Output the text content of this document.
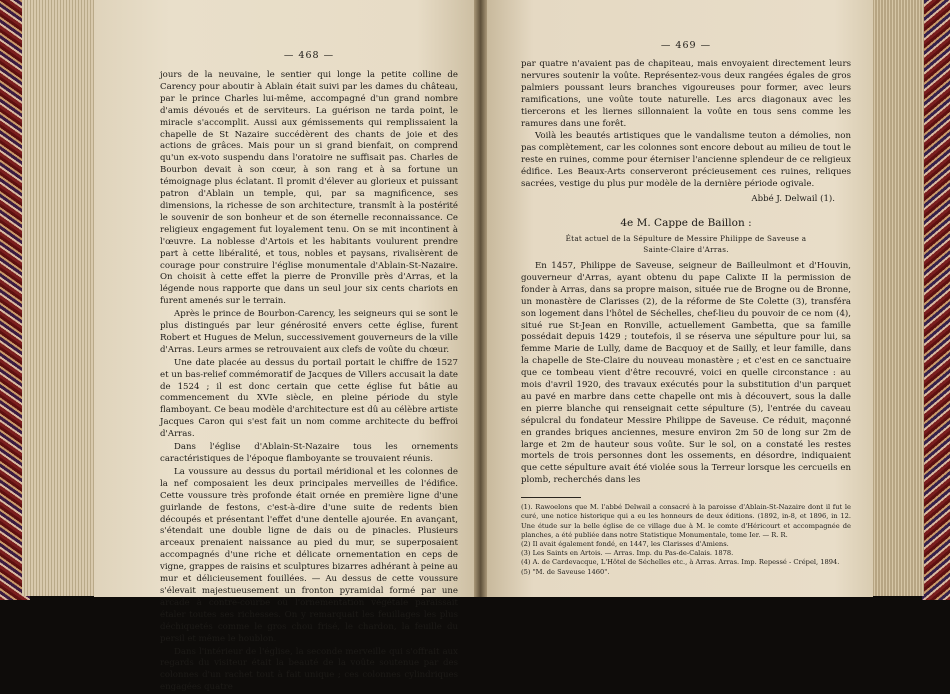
— 468 —

jours de la neuvaine, le sentier qui longe la petite colline de Carency pour aboutir à Ablain était suivi par les dames du château, par le prince Charles lui-même, accompagné d'un grand nombre d'amis dévoués et de serviteurs. La guérison ne tarda point, le miracle s'accomplit. Aussi aux gémissements qui remplissaient la chapelle de St Nazaire succédèrent des chants de joie et des actions de grâces. Mais pour un si grand bienfait, on comprend qu'un ex-voto suspendu dans l'oratoire ne suffisait pas. Charles de Bourbon devait à son cœur, à son rang et à sa fortune un témoignage plus éclatant. Il promit d'élever au glorieux et puissant patron d'Ablain un temple, qui, par sa magnificence, ses dimensions, la richesse de son architecture, transmît à la postérité le souvenir de son bonheur et de son éternelle reconnaissance. Ce religieux engagement fut loyalement tenu. On se mit incontinent à l'œuvre. La noblesse d'Artois et les habitants voulurent prendre part à cette libéralité, et tous, nobles et paysans, rivalisèrent de courage pour construire l'église monumentale d'Ablain-St-Nazaire. On choisit à cette effet la pierre de Pronville près d'Arras, et la légende nous rapporte que dans un seul jour six cents chariots en furent amenés sur le terrain.

Après le prince de Bourbon-Carency, les seigneurs qui se sont le plus distingués par leur générosité envers cette église, furent Robert et Hugues de Melun, successivement gouverneurs de la ville d'Arras. Leurs armes se retrouvaient aux clefs de voûte du chœur.

Une date placée au dessus du portail portait le chiffre de 1527 et un bas-relief commémoratif de Jacques de Villers accusait la date de 1524 ; il est donc certain que cette église fut bâtie au commencement du XVIe siècle, en pleine période du style flamboyant. Ce beau modèle d'architecture est dû au célèbre artiste Jacques Caron qui s'est fait un nom comme architecte du beffroi d'Arras.

Dans l'église d'Ablain-St-Nazaire tous les ornements caractéristiques de l'époque flamboyante se trouvaient réunis.

La voussure au dessus du portail méridional et les colonnes de la nef composaient les deux principales merveilles de l'édifice. Cette voussure très profonde était ornée en première ligne d'une guirlande de festons, c'est-à-dire d'une suite de redents bien découpés et présentant l'effet d'une dentelle ajourée. En avançant, s'étendait une double ligne de dais ou de pinacles. Plusieurs arceaux prenaient naissance au pied du mur, se superposaient accompagnés d'une riche et délicate ornementation en ceps de vigne, grappes de raisins et sculptures bizarres adhérant à peine au mur et délicieusement fouillées. — Au dessus de cette voussure s'élevait majestueusement un fronton pyramidal formé par une arcade à contre-courbe où l'ornementation végétale paraissait étaler toutes ses richesses. On y remarquait les feuillages les plus déchiquetés comme le gros chou frisé, le chardon, la feuille du persil et même le houblon.

Dans l'intérieur de l'église, la seconde merveille qui s'offrait aux regards du visiteur était la beauté de la voûte soutenue par des colonnes d'un rachet tout à fait unique ; ces colonnes cylindriques engagées quatre

— 469 —

par quatre n'avaient pas de chapiteau, mais envoyaient directement leurs nervures soutenir la voûte. Représentez-vous deux rangées égales de gros palmiers poussant leurs branches vigoureuses pour former, avec leurs ramifications, une voûte toute naturelle. Les arcs diagonaux avec les tiercerons et les liernes sillonnaient la voûte en tous sens comme les ramures dans une forêt.

Voilà les beautés artistiques que le vandalisme teuton a démolies, non pas complètement, car les colonnes sont encore debout au milieu de tout le reste en ruines, comme pour éterniser l'ancienne splendeur de ce religieux édifice. Les Beaux-Arts conserveront précieusement ces ruines, reliques sacrées, vestige du plus pur modèle de la dernière période ogivale.

Abbé J. Delwail (1).
4e M. Cappe de Baillon :
État actuel de la Sépulture de Messire Philippe de Saveuse a
Sainte-Claire d'Arras.

En 1457, Philippe de Saveuse, seigneur de Bailleulmont et d'Houvin, gouverneur d'Arras, ayant obtenu du pape Calixte II la permission de fonder à Arras, dans sa propre maison, située rue de Brogne ou de Bronne, un monastère de Clarisses (2), de la réforme de Ste Colette (3), transféra son logement dans l'hôtel de Séchelles, chef-lieu du pouvoir de ce nom (4), situé rue St-Jean en Ronville, actuellement Gambetta, que sa famille possédait depuis 1429 ; toutefois, il se réserva une sépulture pour lui, sa femme Marie de Lully, dame de Bacquoy et de Sailly, et leur famille, dans la chapelle de Ste-Claire du nouveau monastère ; et c'est en ce sanctuaire que ce tombeau vient d'être recouvré, voici en quelle circonstance : au mois d'avril 1920, des travaux exécutés pour la substitution d'un parquet au pavé en marbre dans cette chapelle ont mis à découvert, sous la dalle en pierre blanche qui renseignait cette sépulture (5), l'entrée du caveau sépulcral du fondateur Messire Philippe de Saveuse. Ce réduit, maçonné en grandes briques anciennes, mesure environ 2m 50 de long sur 2m de large et 2m de hauteur sous voûte. Sur le sol, on a constaté les restes mortels de trois personnes dont les ossements, en désordre, indiquaient que cette sépulture avait été violée sous la Terreur lorsque les cercueils en plomb, recherchés dans les

(1). Rawoelons que M. l'abbé Delwail a consacré à la paroisse d'Ablain-St-Nazaire dont il fut le curé, une notice historique qui a eu les honneurs de deux éditions. (1892, in-8, et 1896, in 12. Une étude sur la belle église de ce village due à M. le comte d'Héricourt et accompagnée de planches, a été publiée dans notre Statistique Monumentale, tome Ier. — R. R.

(2) Il avait également fondé, en 1447, les Clarisses d'Amiens.

(3) Les Saints en Artois. — Arras. Imp. du Pas-de-Calais. 1878.

(4) A. de Cardevacque, L'Hôtel de Séchelles etc., à Arras. Arras. Imp. Repessé - Crépel, 1894.

(5) "M. de Saveuse 1460".
